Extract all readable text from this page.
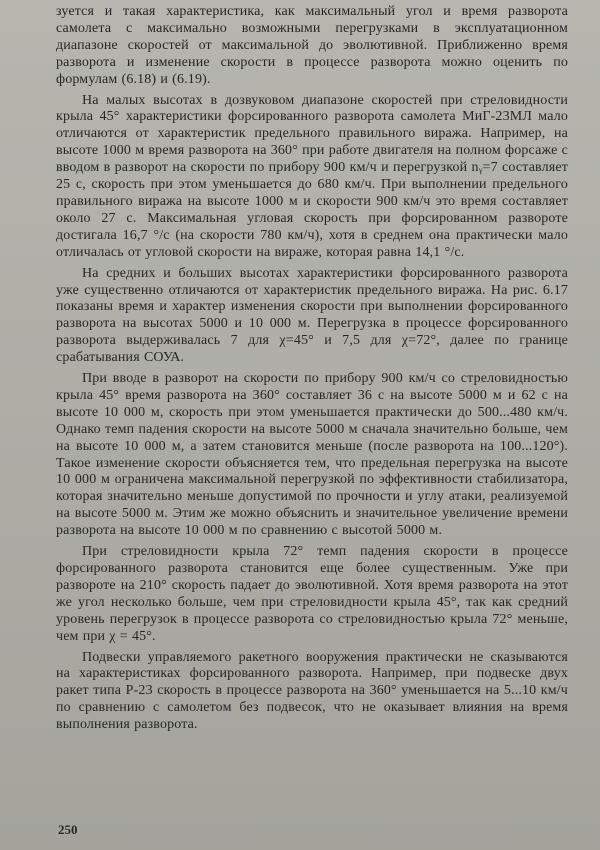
зуется и такая характеристика, как максимальный угол и время разворота самолета с максимально возможными перегрузками в эксплуатационном диапазоне скоростей от максимальной до эволютивной. Приближенно время разворота и изменение скорости в процессе разворота можно оценить по формулам (6.18) и (6.19).

На малых высотах в дозвуковом диапазоне скоростей при стреловидности крыла 45° характеристики форсированного разворота самолета МиГ-23МЛ мало отличаются от характеристик предельного правильного виража. Например, на высоте 1000 м время разворота на 360° при работе двигателя на полном форсаже с вводом в разворот на скорости по прибору 900 км/ч и перегрузкой nᵧ=7 составляет 25 с, скорость при этом уменьшается до 680 км/ч. При выполнении предельного правильного виража на высоте 1000 м и скорости 900 км/ч это время составляет около 27 с. Максимальная угловая скорость при форсированном развороте достигала 16,7 °/с (на скорости 780 км/ч), хотя в среднем она практически мало отличалась от угловой скорости на вираже, которая равна 14,1 °/с.

На средних и больших высотах характеристики форсированного разворота уже существенно отличаются от характеристик предельного виража. На рис. 6.17 показаны время и характер изменения скорости при выполнении форсированного разворота на высотах 5000 и 10 000 м. Перегрузка в процессе форсированного разворота выдерживалась 7 для χ=45° и 7,5 для χ=72°, далее по границе срабатывания СОУА.

При вводе в разворот на скорости по прибору 900 км/ч со стреловидностью крыла 45° время разворота на 360° составляет 36 с на высоте 5000 м и 62 с на высоте 10 000 м, скорость при этом уменьшается практически до 500...480 км/ч. Однако темп падения скорости на высоте 5000 м сначала значительно больше, чем на высоте 10 000 м, а затем становится меньше (после разворота на 100...120°). Такое изменение скорости объясняется тем, что предельная перегрузка на высоте 10 000 м ограничена максимальной перегрузкой по эффективности стабилизатора, которая значительно меньше допустимой по прочности и углу атаки, реализуемой на высоте 5000 м. Этим же можно объяснить и значительное увеличение времени разворота на высоте 10 000 м по сравнению с высотой 5000 м.

При стреловидности крыла 72° темп падения скорости в процессе форсированного разворота становится еще более существенным. Уже при развороте на 210° скорость падает до эволютивной. Хотя время разворота на этот же угол несколько больше, чем при стреловидности крыла 45°, так как средний уровень перегрузок в процессе разворота со стреловидностью крыла 72° меньше, чем при χ = 45°.

Подвески управляемого ракетного вооружения практически не сказываются на характеристиках форсированного разворота. Например, при подвеске двух ракет типа Р-23 скорость в процессе разворота на 360° уменьшается на 5...10 км/ч по сравнению с самолетом без подвесок, что не оказывает влияния на время выполнения разворота.

250
